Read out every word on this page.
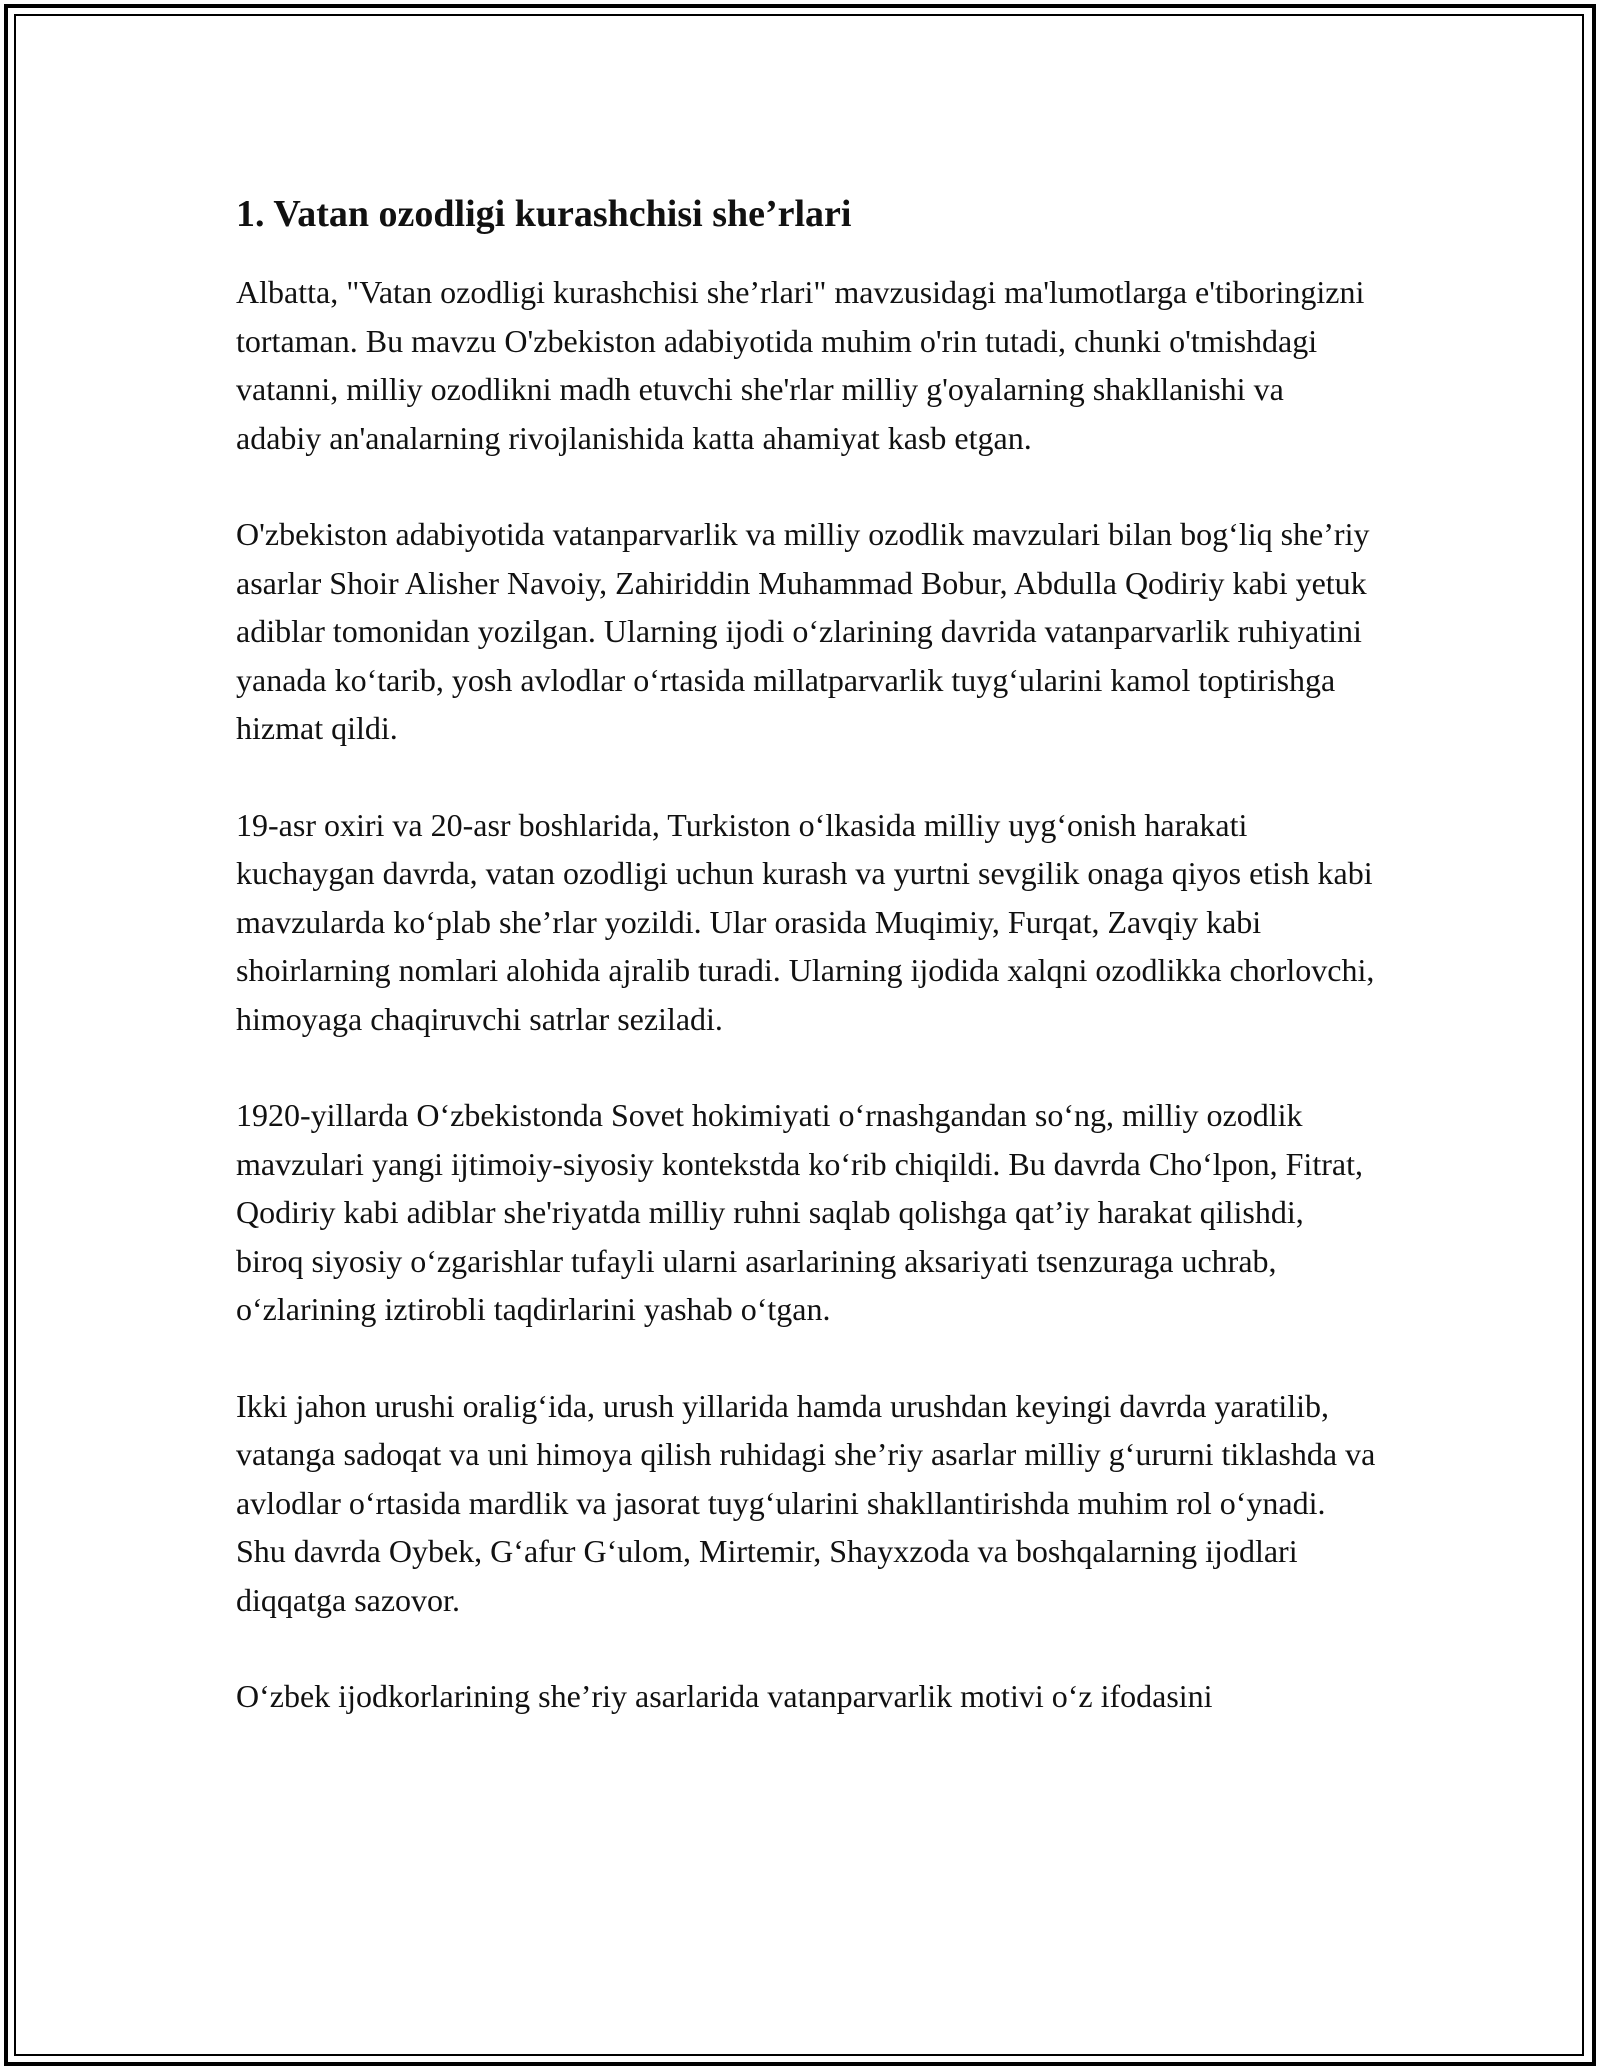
1. Vatan ozodligi kurashchisi she’rlari

Albatta, "Vatan ozodligi kurashchisi she’rlari" mavzusidagi ma'lumotlarga e'tiboringizni tortaman. Bu mavzu O'zbekiston adabiyotida muhim o'rin tutadi, chunki o'tmishdagi vatanni, milliy ozodlikni madh etuvchi she'rlar milliy g'oyalarning shakllanishi va adabiy an'analarning rivojlanishida katta ahamiyat kasb etgan.

O'zbekiston adabiyotida vatanparvarlik va milliy ozodlik mavzulari bilan bog‘liq she’riy asarlar Shoir Alisher Navoiy, Zahiriddin Muhammad Bobur, Abdulla Qodiriy kabi yetuk adiblar tomonidan yozilgan. Ularning ijodi o‘zlarining davrida vatanparvarlik ruhiyatini yanada ko‘tarib, yosh avlodlar o‘rtasida millatparvarlik tuyg‘ularini kamol toptirishga hizmat qildi.

19-asr oxiri va 20-asr boshlarida, Turkiston o‘lkasida milliy uyg‘onish harakati kuchaygan davrda, vatan ozodligi uchun kurash va yurtni sevgilik onaga qiyos etish kabi mavzularda ko‘plab she’rlar yozildi. Ular orasida Muqimiy, Furqat, Zavqiy kabi shoirlarning nomlari alohida ajralib turadi. Ularning ijodida xalqni ozodlikka chorlovchi, himoyaga chaqiruvchi satrlar seziladi.

1920-yillarda O‘zbekistonda Sovet hokimiyati o‘rnashgandan so‘ng, milliy ozodlik mavzulari yangi ijtimoiy-siyosiy kontekstda ko‘rib chiqildi. Bu davrda Cho‘lpon, Fitrat, Qodiriy kabi adiblar she'riyatda milliy ruhni saqlab qolishga qat’iy harakat qilishdi, biroq siyosiy o‘zgarishlar tufayli ularni asarlarining aksariyati tsenzuraga uchrab, o‘zlarining iztirobli taqdirlarini yashab o‘tgan.

Ikki jahon urushi oralig‘ida, urush yillarida hamda urushdan keyingi davrda yaratilib, vatanga sadoqat va uni himoya qilish ruhidagi she’riy asarlar milliy g‘ururni tiklashda va avlodlar o‘rtasida mardlik va jasorat tuyg‘ularini shakllantirishda muhim rol o‘ynadi. Shu davrda Oybek, G‘afur G‘ulom, Mirtemir, Shayxzoda va boshqalarning ijodlari diqqatga sazovor.

O‘zbek ijodkorlarining she’riy asarlarida vatanparvarlik motivi o‘z ifodasini
